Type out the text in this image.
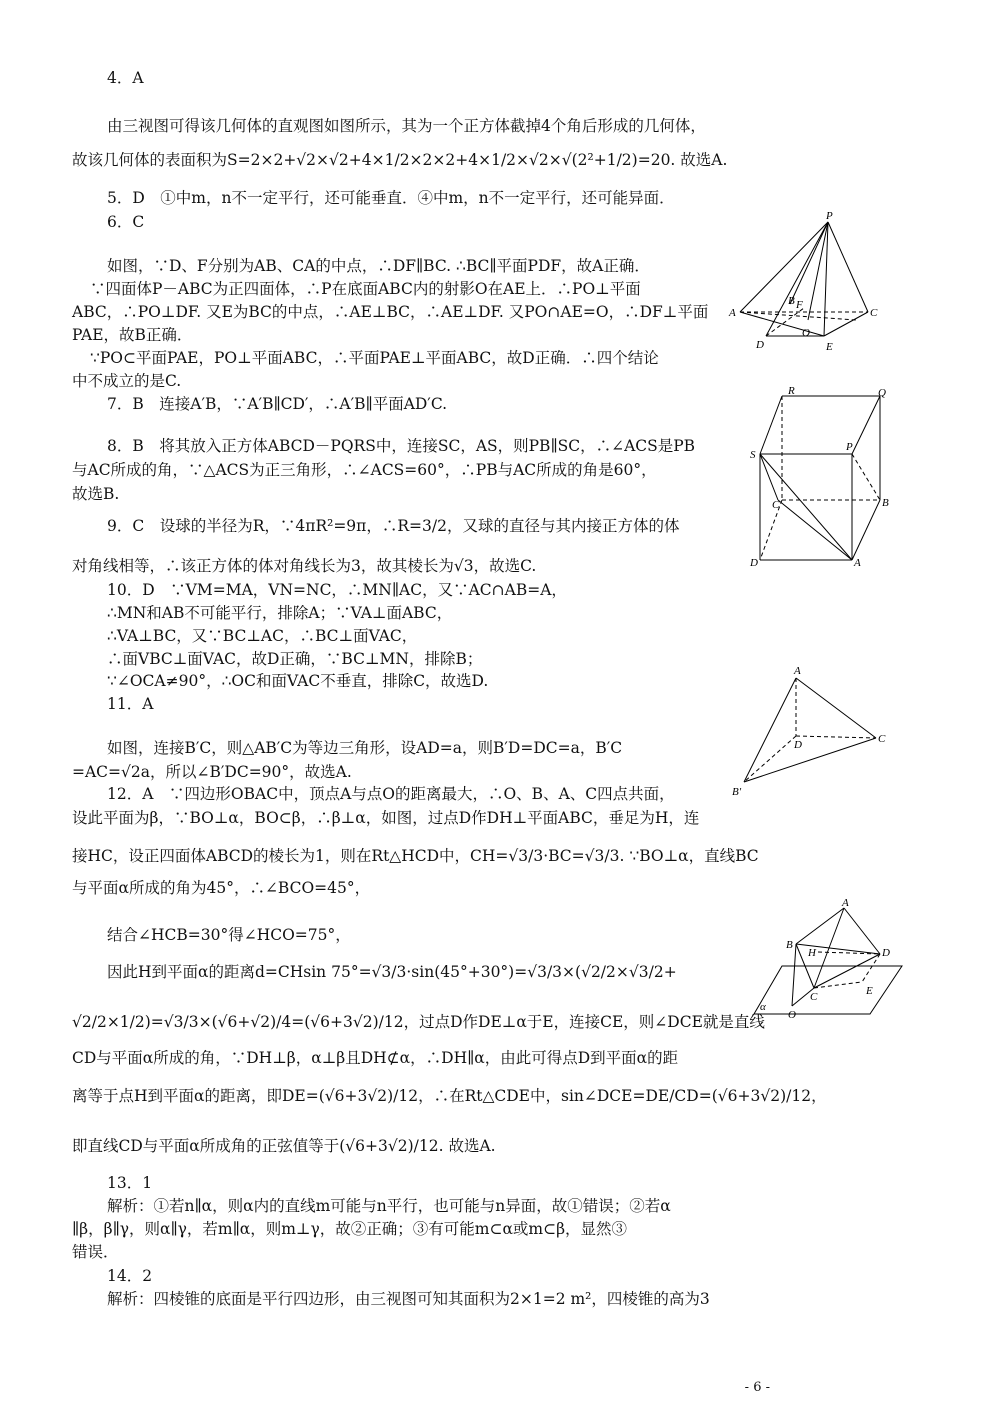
4．A
由三视图可得该几何体的直观图如图所示，其为一个正方体截掉4个角后形成的几何体，
故该几何体的表面积为S=2×2+√2×√2+4×1/2×2×2+4×1/2×√2×√(2²+1/2)=20. 故选A.
5．D　①中m，n不一定平行，还可能垂直．④中m，n不一定平行，还可能异面．
6．C
如图，∵D、F分别为AB、CA的中点，∴DF∥BC. ∴BC∥平面PDF，故A正确．
∵四面体P－ABC为正四面体，∴P在底面ABC内的射影O在AE上．∴PO⊥平面
ABC，∴PO⊥DF. 又E为BC的中点，∴AE⊥BC，∴AE⊥DF. 又PO∩AE=O，∴DF⊥平面
PAE，故B正确．
∵PO⊂平面PAE，PO⊥平面ABC，∴平面PAE⊥平面ABC，故D正确．∴四个结论
中不成立的是C.
7．B　连接A′B，∵A′B∥CD′，∴A′B∥平面AD′C.
8．B　将其放入正方体ABCD－PQRS中，连接SC，AS，则PB∥SC，∴∠ACS是PB
与AC所成的角，∵△ACS为正三角形，∴∠ACS=60°，∴PB与AC所成的角是60°，
故选B.
9．C　设球的半径为R，∵4πR²=9π，∴R=3/2，又球的直径与其内接正方体的体
对角线相等，∴该正方体的体对角线长为3，故其棱长为√3，故选C.
10．D　∵VM=MA，VN=NC，∴MN∥AC，又∵AC∩AB=A，
∴MN和AB不可能平行，排除A；∵VA⊥面ABC，
∴VA⊥BC，又∵BC⊥AC，∴BC⊥面VAC，
∴面VBC⊥面VAC，故D正确，∵BC⊥MN，排除B；
∵∠OCA≠90°，∴OC和面VAC不垂直，排除C，故选D.
11．A
如图，连接B′C，则△AB′C为等边三角形，设AD=a，则B′D=DC=a，B′C
=AC=√2a，所以∠B′DC=90°，故选A.
12．A　∵四边形OBAC中，顶点A与点O的距离最大，∴O、B、A、C四点共面，
设此平面为β，∵BO⊥α，BO⊂β，∴β⊥α，如图，过点D作DH⊥平面ABC，垂足为H，连
接HC，设正四面体ABCD的棱长为1，则在Rt△HCD中，CH=√3/3·BC=√3/3. ∵BO⊥α，直线BC
与平面α所成的角为45°，∴∠BCO=45°，
结合∠HCB=30°得∠HCO=75°，
因此H到平面α的距离d=CHsin 75°=√3/3·sin(45°+30°)=√3/3×(√2/2×√3/2+
√2/2×1/2)=√3/3×(√6+√2)/4=(√6+3√2)/12，过点D作DE⊥α于E，连接CE，则∠DCE就是直线
CD与平面α所成的角，∵DH⊥β，α⊥β且DH⊄α，∴DH∥α，由此可得点D到平面α的距
离等于点H到平面α的距离，即DE=(√6+3√2)/12，∴在Rt△CDE中，sin∠DCE=DE/CD=(√6+3√2)/12，
即直线CD与平面α所成角的正弦值等于(√6+3√2)/12. 故选A.
13．1
解析：①若n∥α，则α内的直线m可能与n平行，也可能与n异面，故①错误；②若α
∥β，β∥γ，则α∥γ，若m∥α，则m⊥γ，故②正确；③有可能m⊂α或m⊂β，显然③
错误．
14．2
解析：四棱锥的底面是平行四边形，由三视图可知其面积为2×1=2 m²，四棱锥的高为3
P
A
B
C
D	E
F
O
R	Q
S
P
C	B
D	A
A
D	C
B′
A
B
H	D
C	E
O
α
- 6 -
